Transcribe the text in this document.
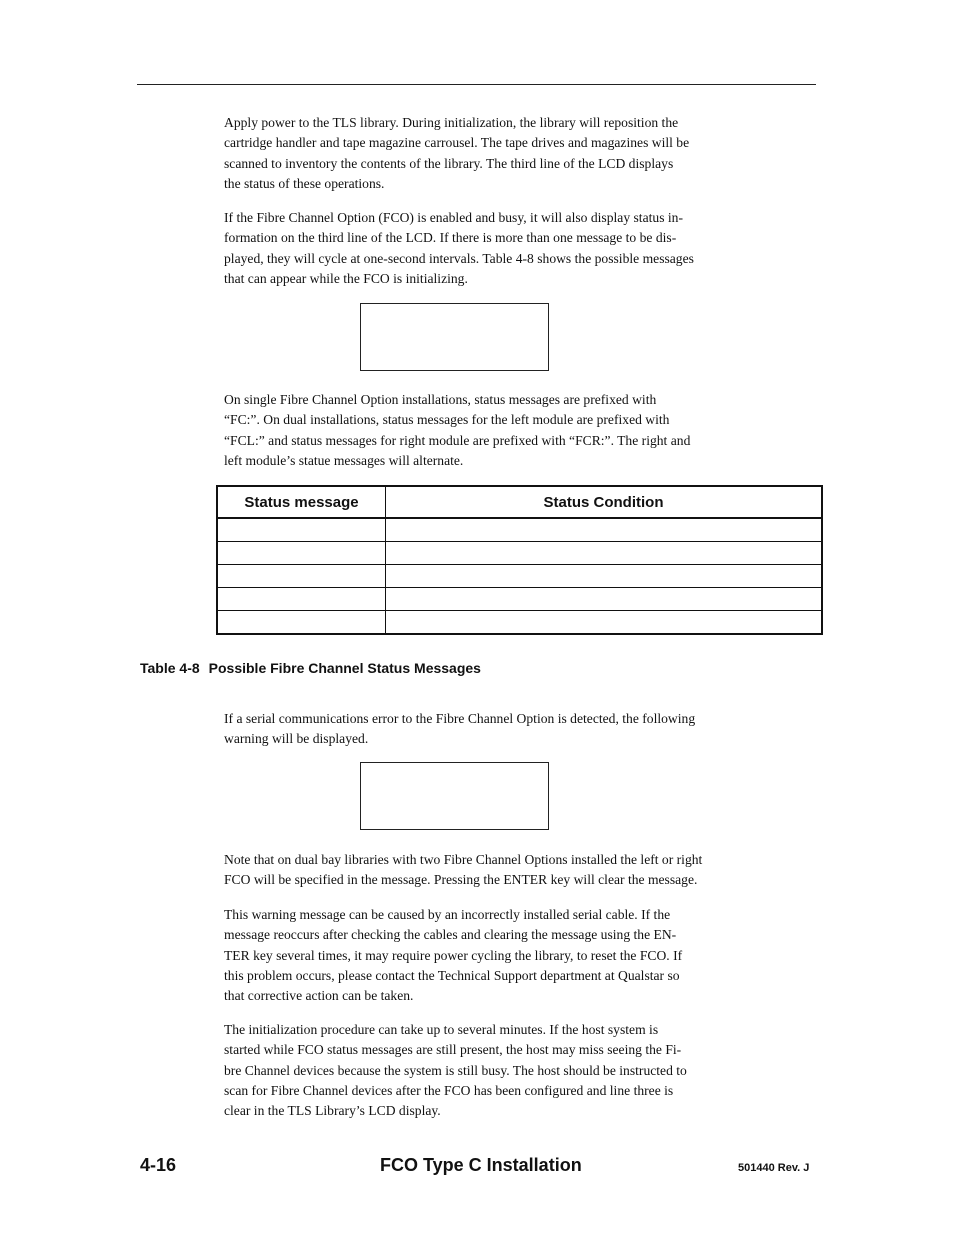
Apply power to the TLS library. During initialization, the library will reposition the
cartridge handler and tape magazine carrousel. The tape drives and magazines will be
scanned to inventory the contents of the library. The third line of the LCD displays
the status of these operations.
If the Fibre Channel Option (FCO) is enabled and busy, it will also display status in-
formation on the third line of the LCD. If there is more than one message to be dis-
played, they will cycle at one-second intervals. Table 4-8 shows the possible messages
that can appear while the FCO is initializing.
On single Fibre Channel Option installations, status messages are prefixed with
“FC:”. On dual installations, status messages for the left module are prefixed with
“FCL:” and status messages for right module are prefixed with “FCR:”. The right and
left module’s statue messages will alternate.
Status message	Status Condition

Table 4-8 Possible Fibre Channel Status Messages
If a serial communications error to the Fibre Channel Option is detected, the following
warning will be displayed.
Note that on dual bay libraries with two Fibre Channel Options installed the left or right
FCO will be specified in the message. Pressing the ENTER key will clear the message.
This warning message can be caused by an incorrectly installed serial cable. If the
message reoccurs after checking the cables and clearing the message using the EN-
TER key several times, it may require power cycling the library, to reset the FCO. If
this problem occurs, please contact the Technical Support department at Qualstar so
that corrective action can be taken.
The initialization procedure can take up to several minutes. If the host system is
started while FCO status messages are still present, the host may miss seeing the Fi-
bre Channel devices because the system is still busy. The host should be instructed to
scan for Fibre Channel devices after the FCO has been configured and line three is
clear in the TLS Library’s LCD display.
4-16	FCO Type C Installation	501440 Rev. J
